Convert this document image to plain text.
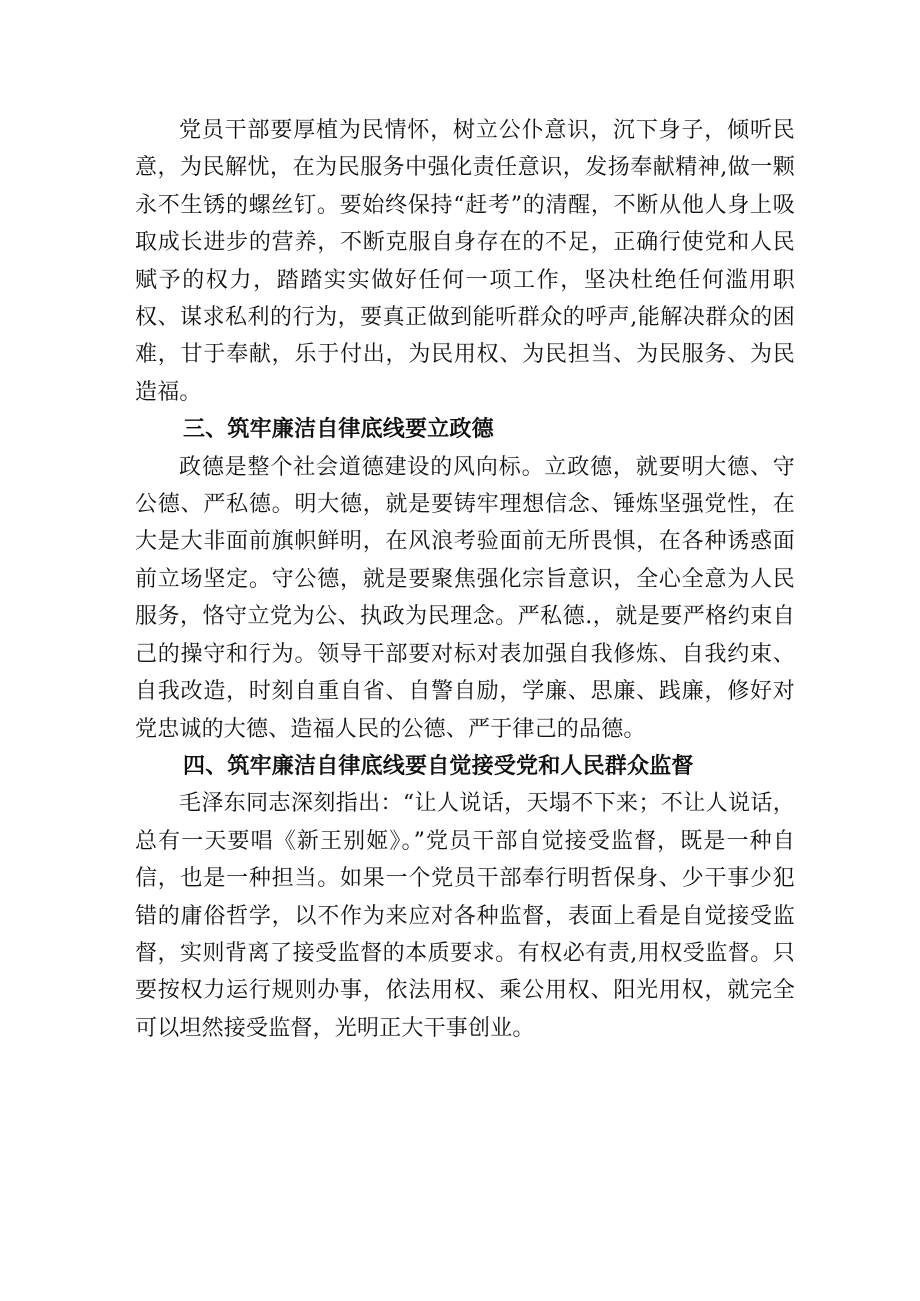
党员干部要厚植为民情怀，树立公仆意识，沉下身子，倾听民意，为民解忧，在为民服务中强化责任意识，发扬奉献精神,做一颗永不生锈的螺丝钉。要始终保持“赶考”的清醒，不断从他人身上吸取成长进步的营养，不断克服自身存在的不足，正确行使党和人民赋予的权力，踏踏实实做好任何一项工作，坚决杜绝任何滥用职权、谋求私利的行为，要真正做到能听群众的呼声,能解决群众的困难，甘于奉献，乐于付出，为民用权、为民担当、为民服务、为民造福。

三、筑牢廉洁自律底线要立政德

政德是整个社会道德建设的风向标。立政德，就要明大德、守公德、严私德。明大德，就是要铸牢理想信念、锤炼坚强党性，在大是大非面前旗帜鲜明，在风浪考验面前无所畏惧，在各种诱惑面前立场坚定。守公德，就是要聚焦强化宗旨意识，全心全意为人民服务，恪守立党为公、执政为民理念。严私德.，就是要严格约束自己的操守和行为。领导干部要对标对表加强自我修炼、自我约束、自我改造，时刻自重自省、自警自励，学廉、思廉、践廉，修好对党忠诚的大德、造福人民的公德、严于律己的品德。

四、筑牢廉洁自律底线要自觉接受党和人民群众监督

毛泽东同志深刻指出：“让人说话，天塌不下来；不让人说话，总有一天要唱《新王别姬》。”党员干部自觉接受监督，既是一种自信，也是一种担当。如果一个党员干部奉行明哲保身、少干事少犯错的庸俗哲学，以不作为来应对各种监督，表面上看是自觉接受监督，实则背离了接受监督的本质要求。有权必有责,用权受监督。只要按权力运行规则办事，依法用权、乘公用权、阳光用权，就完全可以坦然接受监督，光明正大干事创业。
